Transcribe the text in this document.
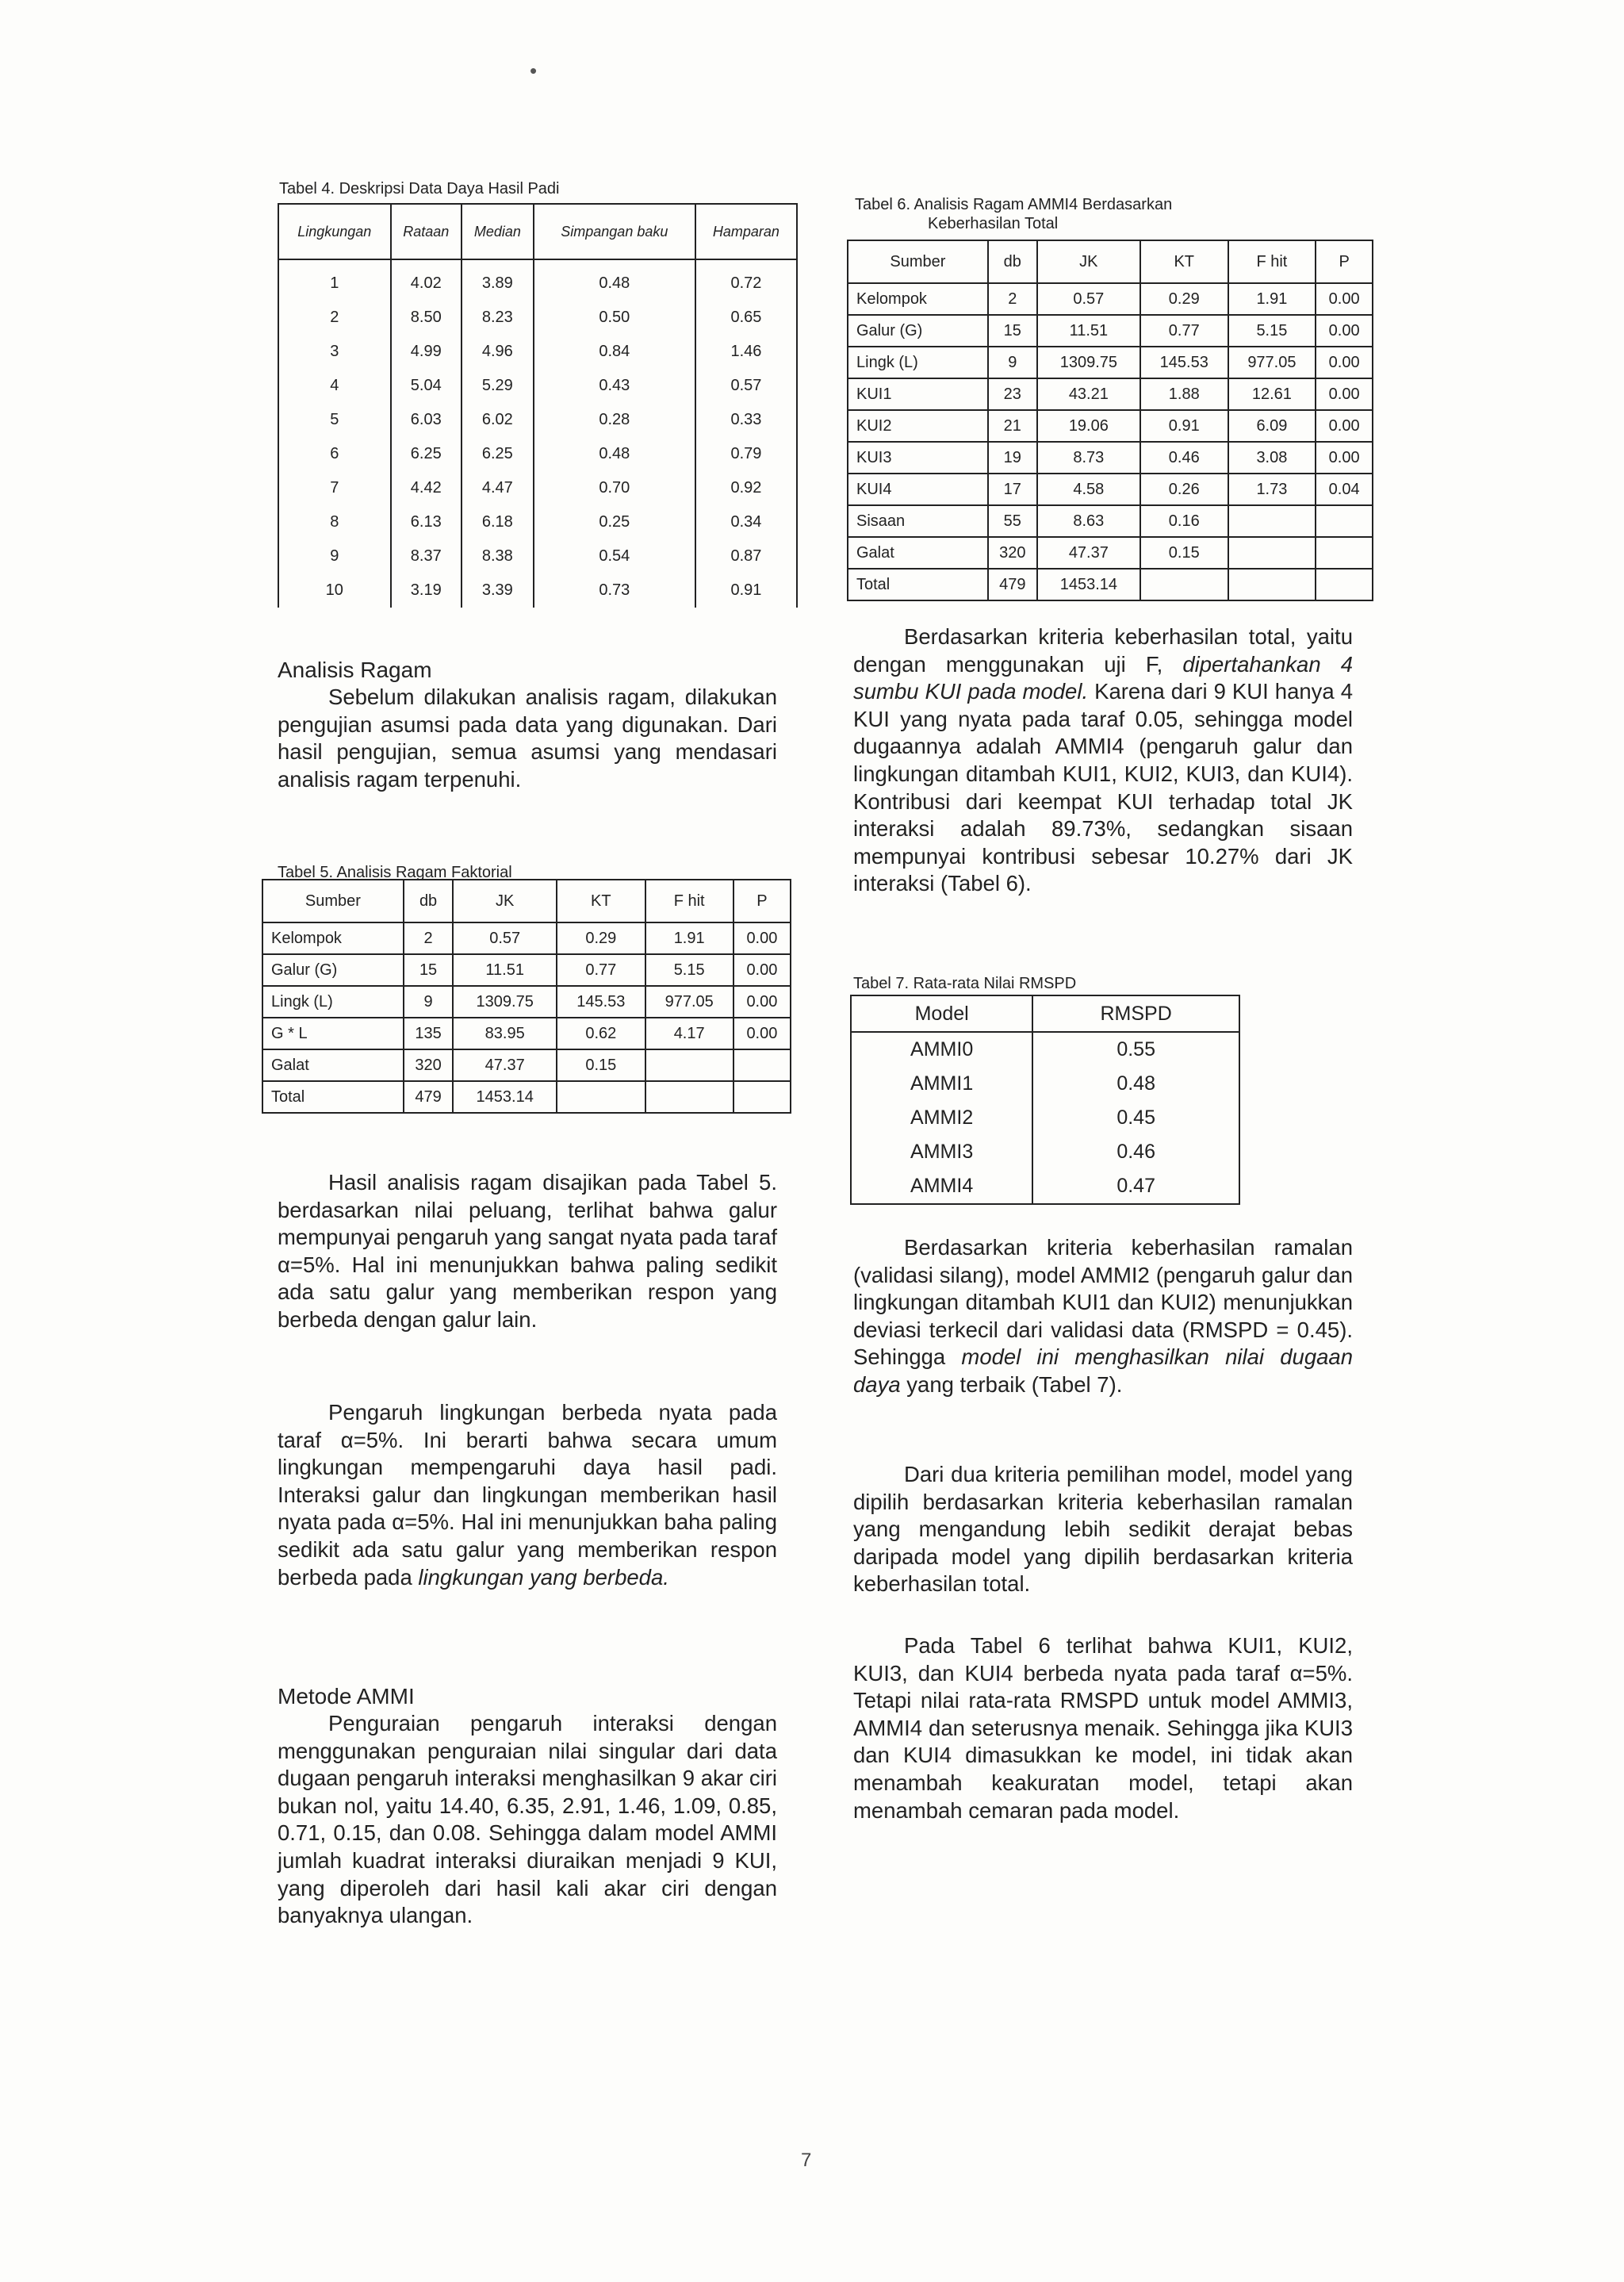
Tabel 4. Deskripsi Data Daya Hasil Padi
Lingkungan	Rataan	Median	Simpangan baku	Hamparan
1	4.02	3.89	0.48	0.72
2	8.50	8.23	0.50	0.65
3	4.99	4.96	0.84	1.46
4	5.04	5.29	0.43	0.57
5	6.03	6.02	0.28	0.33
6	6.25	6.25	0.48	0.79
7	4.42	4.47	0.70	0.92
8	6.13	6.18	0.25	0.34
9	8.37	8.38	0.54	0.87
10	3.19	3.39	0.73	0.91
Tabel 6. Analisis Ragam AMMI4 Berdasarkan
Keberhasilan Total
Sumber	db	JK	KT	F hit	P
Kelompok	2	0.57	0.29	1.91	0.00
Galur (G)	15	11.51	0.77	5.15	0.00
Lingk (L)	9	1309.75	145.53	977.05	0.00
KUI1	23	43.21	1.88	12.61	0.00
KUI2	21	19.06	0.91	6.09	0.00
KUI3	19	8.73	0.46	3.08	0.00
KUI4	17	4.58	0.26	1.73	0.04
Sisaan	55	8.63	0.16		
Galat	320	47.37	0.15		
Total	479	1453.14			
Analisis Ragam

Sebelum dilakukan analisis ragam, dilakukan pengujian asumsi pada data yang digunakan. Dari hasil pengujian, semua asumsi yang mendasari analisis ragam terpenuhi.

Tabel 5. Analisis Ragam Faktorial
Sumber	db	JK	KT	F hit	P
Kelompok	2	0.57	0.29	1.91	0.00
Galur (G)	15	11.51	0.77	5.15	0.00
Lingk (L)	9	1309.75	145.53	977.05	0.00
G * L	135	83.95	0.62	4.17	0.00
Galat	320	47.37	0.15		
Total	479	1453.14			

Hasil analisis ragam disajikan pada Tabel 5. berdasarkan nilai peluang, terlihat bahwa galur mempunyai pengaruh yang sangat nyata pada taraf α=5%. Hal ini menunjukkan bahwa paling sedikit ada satu galur yang memberikan respon yang berbeda dengan galur lain.

Pengaruh lingkungan berbeda nyata pada taraf α=5%. Ini berarti bahwa secara umum lingkungan mempengaruhi daya hasil padi. Interaksi galur dan lingkungan memberikan hasil nyata pada α=5%. Hal ini menunjukkan baha paling sedikit ada satu galur yang memberikan respon berbeda pada lingkungan yang berbeda.

Metode AMMI

Penguraian pengaruh interaksi dengan menggunakan penguraian nilai singular dari data dugaan pengaruh interaksi menghasilkan 9 akar ciri bukan nol, yaitu 14.40, 6.35, 2.91, 1.46, 1.09, 0.85, 0.71, 0.15, dan 0.08. Sehingga dalam model AMMI jumlah kuadrat interaksi diuraikan menjadi 9 KUI, yang diperoleh dari hasil kali akar ciri dengan banyaknya ulangan.

Berdasarkan kriteria keberhasilan total, yaitu dengan menggunakan uji F, dipertahankan 4 sumbu KUI pada model. Karena dari 9 KUI hanya 4 KUI yang nyata pada taraf 0.05, sehingga model dugaannya adalah AMMI4 (pengaruh galur dan lingkungan ditambah KUI1, KUI2, KUI3, dan KUI4). Kontribusi dari keempat KUI terhadap total JK interaksi adalah 89.73%, sedangkan sisaan mempunyai kontribusi sebesar 10.27% dari JK interaksi (Tabel 6).

Tabel 7. Rata-rata Nilai RMSPD
Model	RMSPD
AMMI0	0.55
AMMI1	0.48
AMMI2	0.45
AMMI3	0.46
AMMI4	0.47

Berdasarkan kriteria keberhasilan ramalan (validasi silang), model AMMI2 (pengaruh galur dan lingkungan ditambah KUI1 dan KUI2) menunjukkan deviasi terkecil dari validasi data (RMSPD = 0.45). Sehingga model ini menghasilkan nilai dugaan daya yang terbaik (Tabel 7).

Dari dua kriteria pemilihan model, model yang dipilih berdasarkan kriteria keberhasilan ramalan yang mengandung lebih sedikit derajat bebas daripada model yang dipilih berdasarkan kriteria keberhasilan total.

Pada Tabel 6 terlihat bahwa KUI1, KUI2, KUI3, dan KUI4 berbeda nyata pada taraf α=5%. Tetapi nilai rata-rata RMSPD untuk model AMMI3, AMMI4 dan seterusnya menaik. Sehingga jika KUI3 dan KUI4 dimasukkan ke model, ini tidak akan menambah keakuratan model, tetapi akan menambah cemaran pada model.

7
•
